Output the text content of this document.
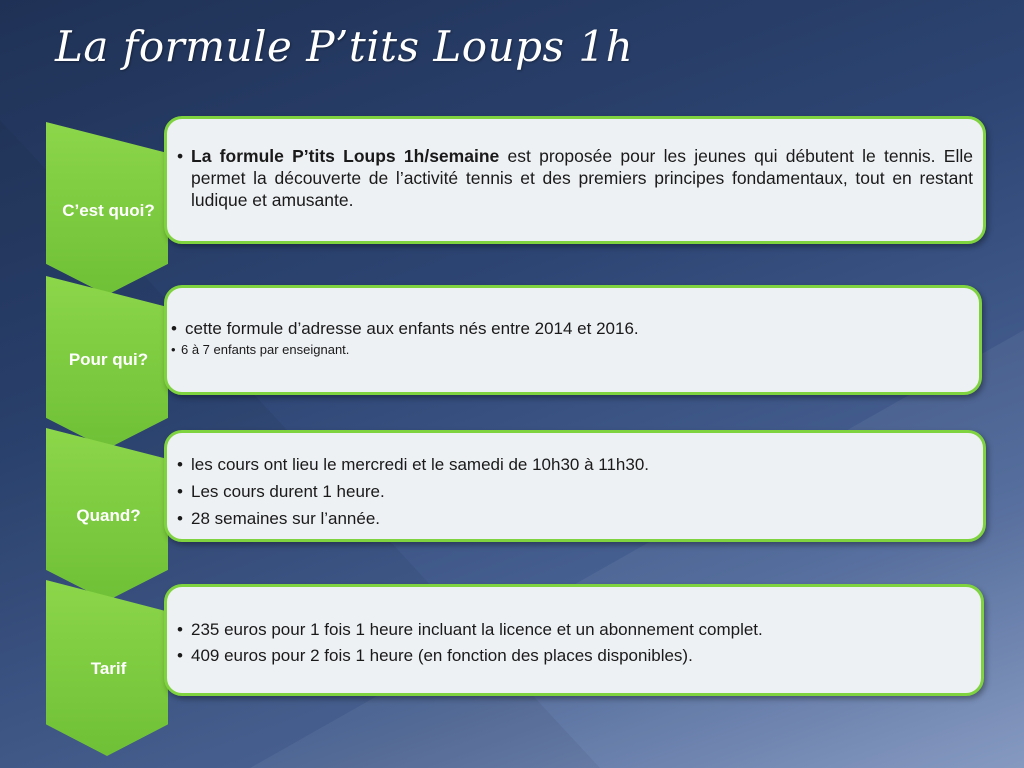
La formule P’tits Loups 1h
C’est quoi?
• La formule P’tits Loups 1h/semaine est proposée pour les jeunes qui débutent le tennis. Elle permet la découverte de l’activité tennis et des premiers principes fondamentaux, tout en restant ludique et amusante.
Pour qui?
• cette formule d’adresse aux enfants nés entre 2014 et 2016.
• 6 à 7 enfants par enseignant.
Quand?
• les cours ont lieu le mercredi et le samedi de 10h30 à 11h30.
• Les cours durent 1 heure.
• 28 semaines sur l’année.
Tarif
• 235 euros pour 1 fois 1 heure incluant la licence et un abonnement complet.
• 409 euros pour 2 fois 1 heure (en fonction des places disponibles).
